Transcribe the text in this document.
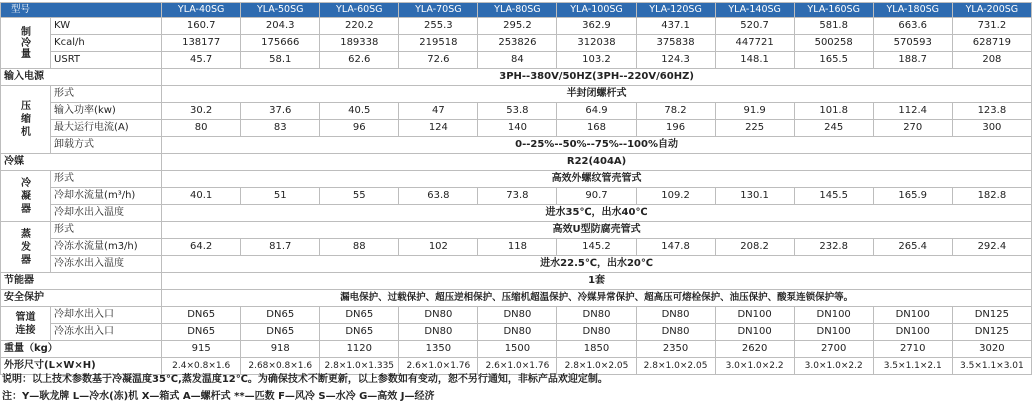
型号		YLA-40SG	YLA-50SG	YLA-60SG	YLA-70SG	YLA-80SG	YLA-100SG	YLA-120SG	YLA-140SG	YLA-160SG	YLA-180SG	YLA-200SG
制冷量	KW	160.7	204.3	220.2	255.3	295.2	362.9	437.1	520.7	581.8	663.6	731.2
	Kcal/h	138177	175666	189338	219518	253826	312038	375838	447721	500258	570593	628719
	USRT	45.7	58.1	62.6	72.6	84	103.2	124.3	148.1	165.5	188.7	208
输入电源		3PH--380V/50HZ(3PH--220V/60HZ)										
压缩机	形式	半封闭螺杆式										
	输入功率(kw)	30.2	37.6	40.5	47	53.8	64.9	78.2	91.9	101.8	112.4	123.8
	最大运行电流(A)	80	83	96	124	140	168	196	225	245	270	300
	卸载方式	0--25%--50%--75%--100%自动										
冷媒		R22(404A)										
冷凝器	形式	高效外螺纹管壳管式										
	冷却水流量(m³/h)	40.1	51	55	63.8	73.8	90.7	109.2	130.1	145.5	165.9	182.8
	冷却水出入温度	进水35℃，出水40℃										
蒸发器	形式	高效U型防腐壳管式										
	冷冻水流量(m3/h)	64.2	81.7	88	102	118	145.2	147.8	208.2	232.8	265.4	292.4
	冷冻水出入温度	进水22.5℃，出水20℃										
节能器		1套										
安全保护		漏电保护、过载保护、超压逆相保护、压缩机超温保护、冷媒异常保护、超高压可熔栓保护、油压保护、酸泵连锁保护等。										
管道连接	冷却水出入口	DN65	DN65	DN65	DN80	DN80	DN80	DN80	DN100	DN100	DN100	DN125
	冷冻水出入口	DN65	DN65	DN65	DN80	DN80	DN80	DN80	DN100	DN100	DN100	DN125
重量（kg）		915	918	1120	1350	1500	1850	2350	2620	2700	2710	3020
外形尺寸(L×W×H)		2.4×0.8×1.6	2.68×0.8×1.6	2.8×1.0×1.335	2.6×1.0×1.76	2.6×1.0×1.76	2.8×1.0×2.05	2.8×1.0×2.05	3.0×1.0×2.2	3.0×1.0×2.2	3.5×1.1×2.1	3.5×1.1×3.01
说明：以上技术参数基于冷凝温度35℃,蒸发温度12℃。为确保技术不断更新，以上参数如有变动，恕不另行通知，非标产品欢迎定制。
注：Y—耿龙牌 L—冷水(冻)机 X—箱式 A—螺杆式 **—匹数 F—风冷 S—水冷 G—高效 J—经济
